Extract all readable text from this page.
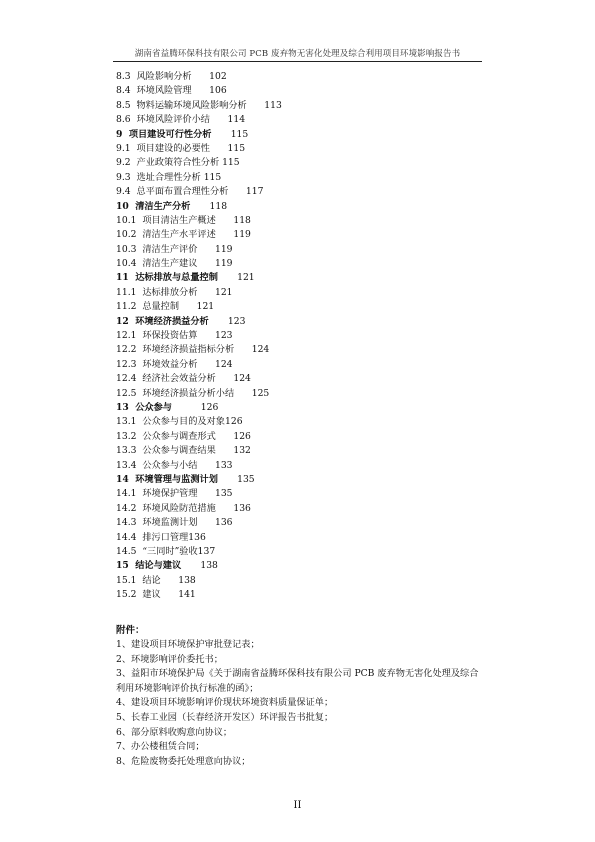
湖南省益腾环保科技有限公司 PCB 废弃物无害化处理及综合利用项目环境影响报告书
8.3 风险影响分析 102
8.4 环境风险管理 106
8.5 物料运输环境风险影响分析 113
8.6 环境风险评价小结 114
9 项目建设可行性分析 115
9.1 项目建设的必要性 115
9.2 产业政策符合性分析 115
9.3 选址合理性分析 115
9.4 总平面布置合理性分析 117
10 清洁生产分析 118
10.1 项目清洁生产概述 118
10.2 清洁生产水平评述 119
10.3 清洁生产评价 119
10.4 清洁生产建议 119
11 达标排放与总量控制 121
11.1 达标排放分析 121
11.2 总量控制 121
12 环境经济损益分析 123
12.1 环保投资估算 123
12.2 环境经济损益指标分析 124
12.3 环境效益分析 124
12.4 经济社会效益分析 124
12.5 环境经济损益分析小结 125
13 公众参与	126
13.1 公众参与目的及对象126
13.2 公众参与调查形式 126
13.3 公众参与调查结果 132
13.4 公众参与小结 133
14 环境管理与监测计划 135
14.1 环境保护管理 135
14.2 环境风险防范措施 136
14.3 环境监测计划 136
14.4 排污口管理136
14.5 “三同时”验收137
15 结论与建议 138
15.1 结论 138
15.2 建议 141
附件：
1、建设项目环境保护审批登记表；
2、环境影响评价委托书；
3、益阳市环境保护局《关于湖南省益腾环保科技有限公司 PCB 废弃物无害化处理及综合利用环境影响评价执行标准的函》；
4、建设项目环境影响评价现状环境资料质量保证单；
5、长春工业园（长春经济开发区）环评报告书批复；
6、部分原料收购意向协议；
7、办公楼租赁合同；
8、危险废物委托处理意向协议；
II
